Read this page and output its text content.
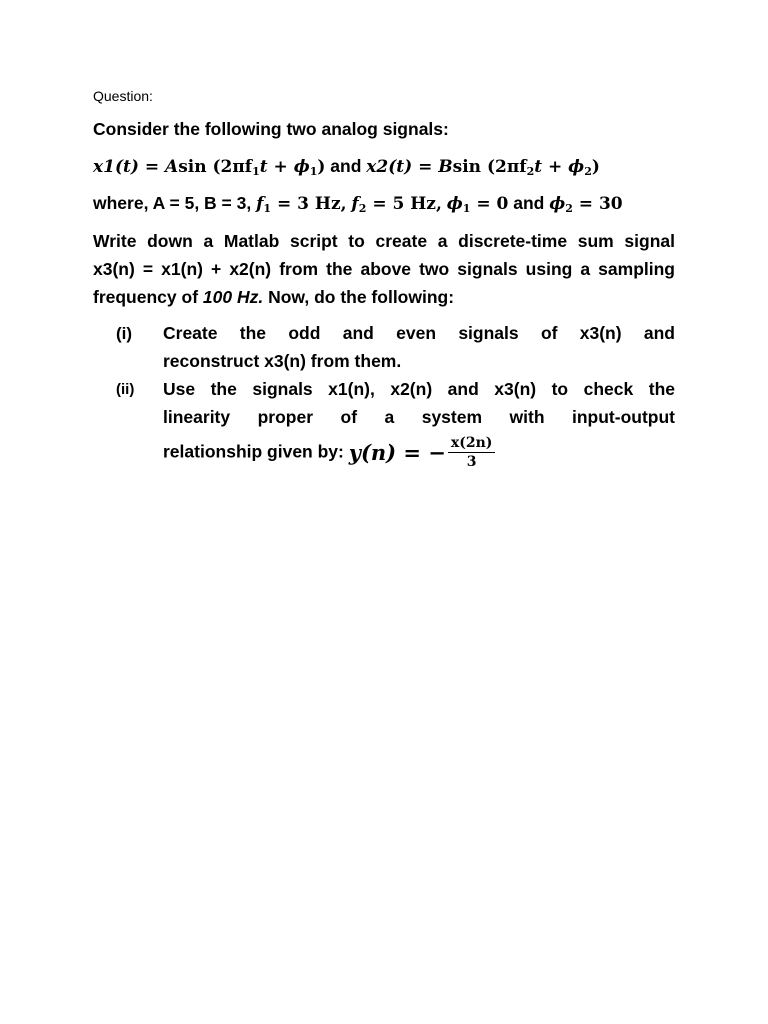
Question:
Consider the following two analog signals:
x1(t) = Asin $(2\pi f_1t + \phi_1)$ and x2(t) = Bsin $(2\pi f_2t + \phi_2)$
where, A = 5, B = 3, $f_1 = 3$ Hz, $f_2 = 5$ Hz, $\phi_1 = 0$ and $\phi_2 = 30$
Write down a Matlab script to create a discrete-time sum signal
x3(n) = x1(n) + x2(n) from the above two signals using a sampling
frequency of 100 Hz. Now, do the following:
(i) Create the odd and even signals of x3(n) and
reconstruct x3(n) from them.
(ii) Use the signals x1(n), x2(n) and x3(n) to check the
linearity proper of a system with input-output
relationship given by: y(n) = − $\frac{x(2n)}{3}$
